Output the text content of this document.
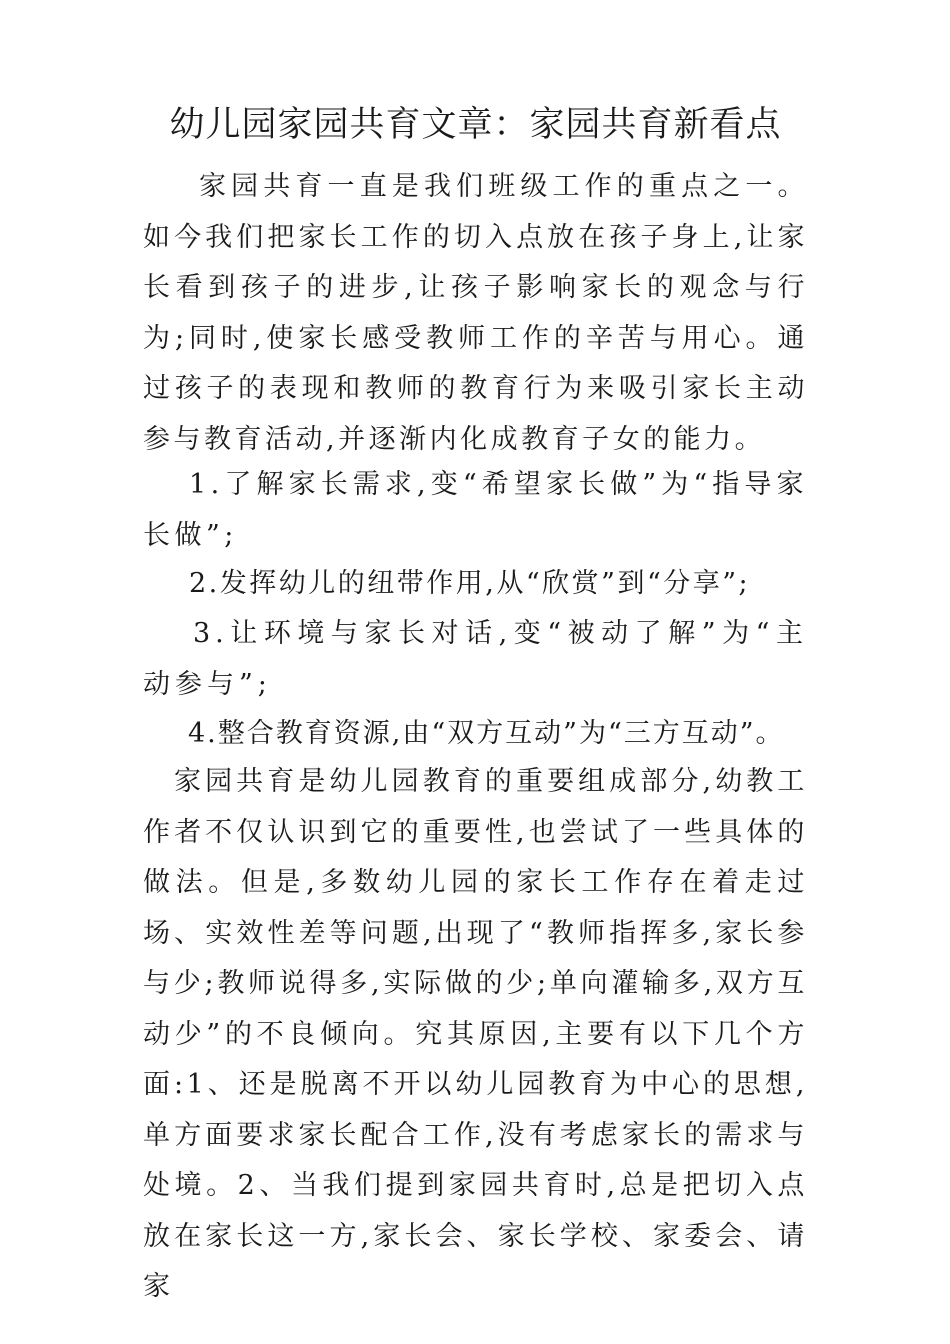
幼儿园家园共育文章：家园共育新看点
家园共育一直是我们班级工作的重点之一。如今我们把家长工作的切入点放在孩子身上,让家长看到孩子的进步,让孩子影响家长的观念与行为;同时,使家长感受教师工作的辛苦与用心。通过孩子的表现和教师的教育行为来吸引家长主动参与教育活动,并逐渐内化成教育子女的能力。
1.了解家长需求,变“希望家长做”为“指导家长做”;
2.发挥幼儿的纽带作用,从“欣赏”到“分享”;
3.让环境与家长对话,变“被动了解”为“主动参与”;
4.整合教育资源,由“双方互动”为“三方互动”。
家园共育是幼儿园教育的重要组成部分,幼教工作者不仅认识到它的重要性,也尝试了一些具体的做法。但是,多数幼儿园的家长工作存在着走过场、实效性差等问题,出现了“教师指挥多,家长参与少;教师说得多,实际做的少;单向灌输多,双方互动少”的不良倾向。究其原因,主要有以下几个方面:1、还是脱离不开以幼儿园教育为中心的思想,单方面要求家长配合工作,没有考虑家长的需求与处境。2、当我们提到家园共育时,总是把切入点放在家长这一方,家长会、家长学校、家委会、请家
